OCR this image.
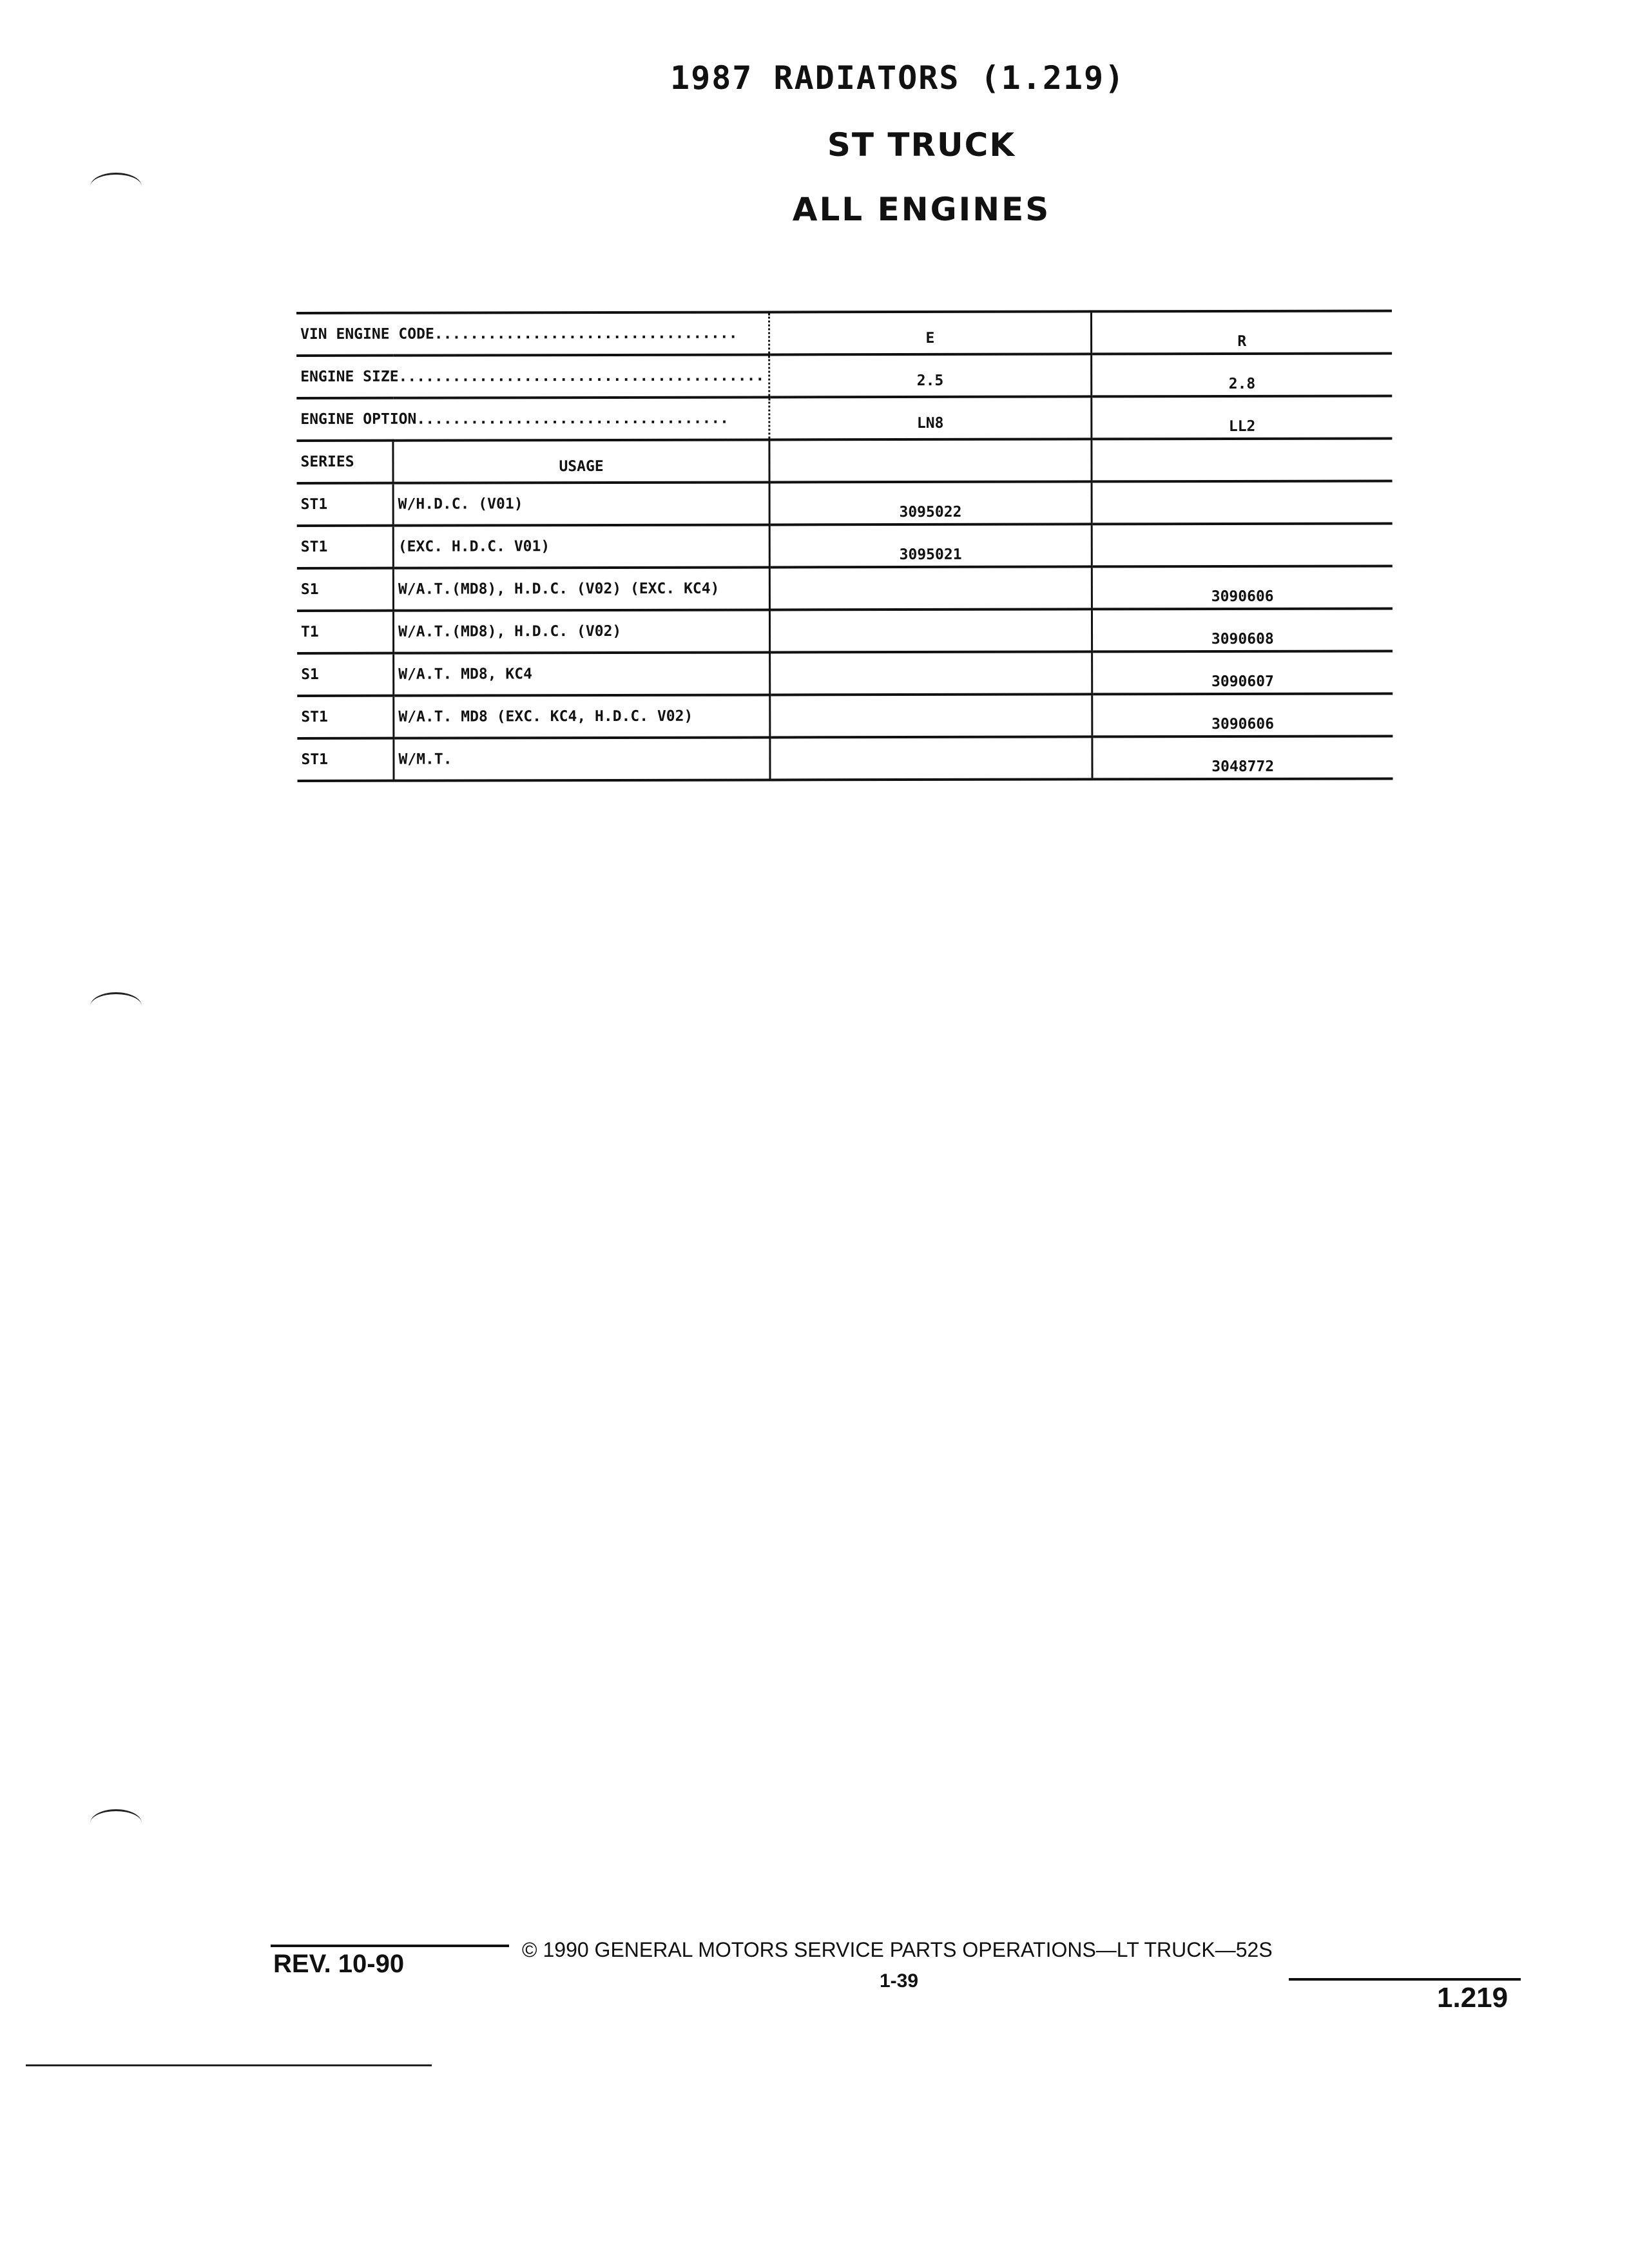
1987 RADIATORS (1.219)
ST TRUCK
ALL ENGINES
VIN ENGINE CODE..................................		E	R
ENGINE SIZE.........................................		2.5	2.8
ENGINE OPTION...................................		LN8	LL2
SERIES	USAGE		
ST1	W/H.D.C. (V01)	3095022	
ST1	(EXC. H.D.C. V01)	3095021	
S1	W/A.T.(MD8), H.D.C. (V02) (EXC. KC4)		3090606
T1	W/A.T.(MD8), H.D.C. (V02)		3090608
S1	W/A.T. MD8, KC4		3090607
ST1	W/A.T. MD8 (EXC. KC4, H.D.C. V02)		3090606
ST1	W/M.T.		3048772
REV. 10-90	© 1990 GENERAL MOTORS SERVICE PARTS OPERATIONS—LT TRUCK—52S
1-39
1.219
